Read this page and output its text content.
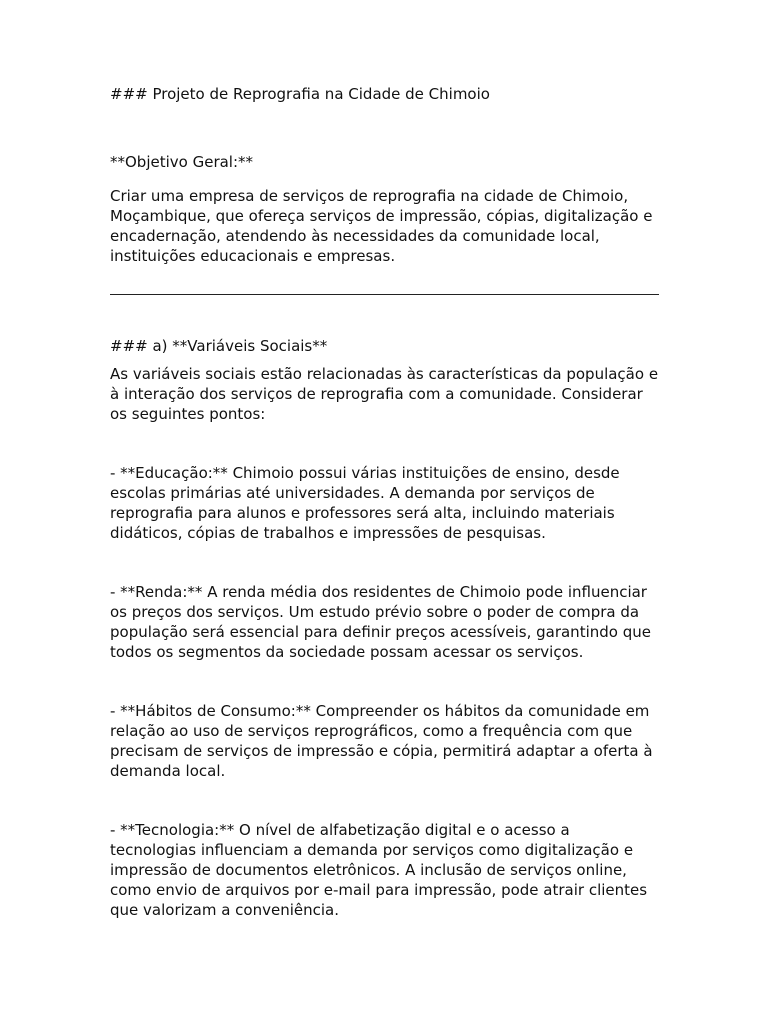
### Projeto de Reprografia na Cidade de Chimoio

**Objetivo Geral:**

Criar uma empresa de serviços de reprografia na cidade de Chimoio, Moçambique, que ofereça serviços de impressão, cópias, digitalização e encadernação, atendendo às necessidades da comunidade local, instituições educacionais e empresas.

### a) **Variáveis Sociais**

As variáveis sociais estão relacionadas às características da população e à interação dos serviços de reprografia com a comunidade. Considerar os seguintes pontos:

- **Educação:** Chimoio possui várias instituições de ensino, desde escolas primárias até universidades. A demanda por serviços de reprografia para alunos e professores será alta, incluindo materiais didáticos, cópias de trabalhos e impressões de pesquisas.

- **Renda:** A renda média dos residentes de Chimoio pode influenciar os preços dos serviços. Um estudo prévio sobre o poder de compra da população será essencial para definir preços acessíveis, garantindo que todos os segmentos da sociedade possam acessar os serviços.

- **Hábitos de Consumo:** Compreender os hábitos da comunidade em relação ao uso de serviços reprográficos, como a frequência com que precisam de serviços de impressão e cópia, permitirá adaptar a oferta à demanda local.

- **Tecnologia:** O nível de alfabetização digital e o acesso a tecnologias influenciam a demanda por serviços como digitalização e impressão de documentos eletrônicos. A inclusão de serviços online, como envio de arquivos por e-mail para impressão, pode atrair clientes que valorizam a conveniência.
